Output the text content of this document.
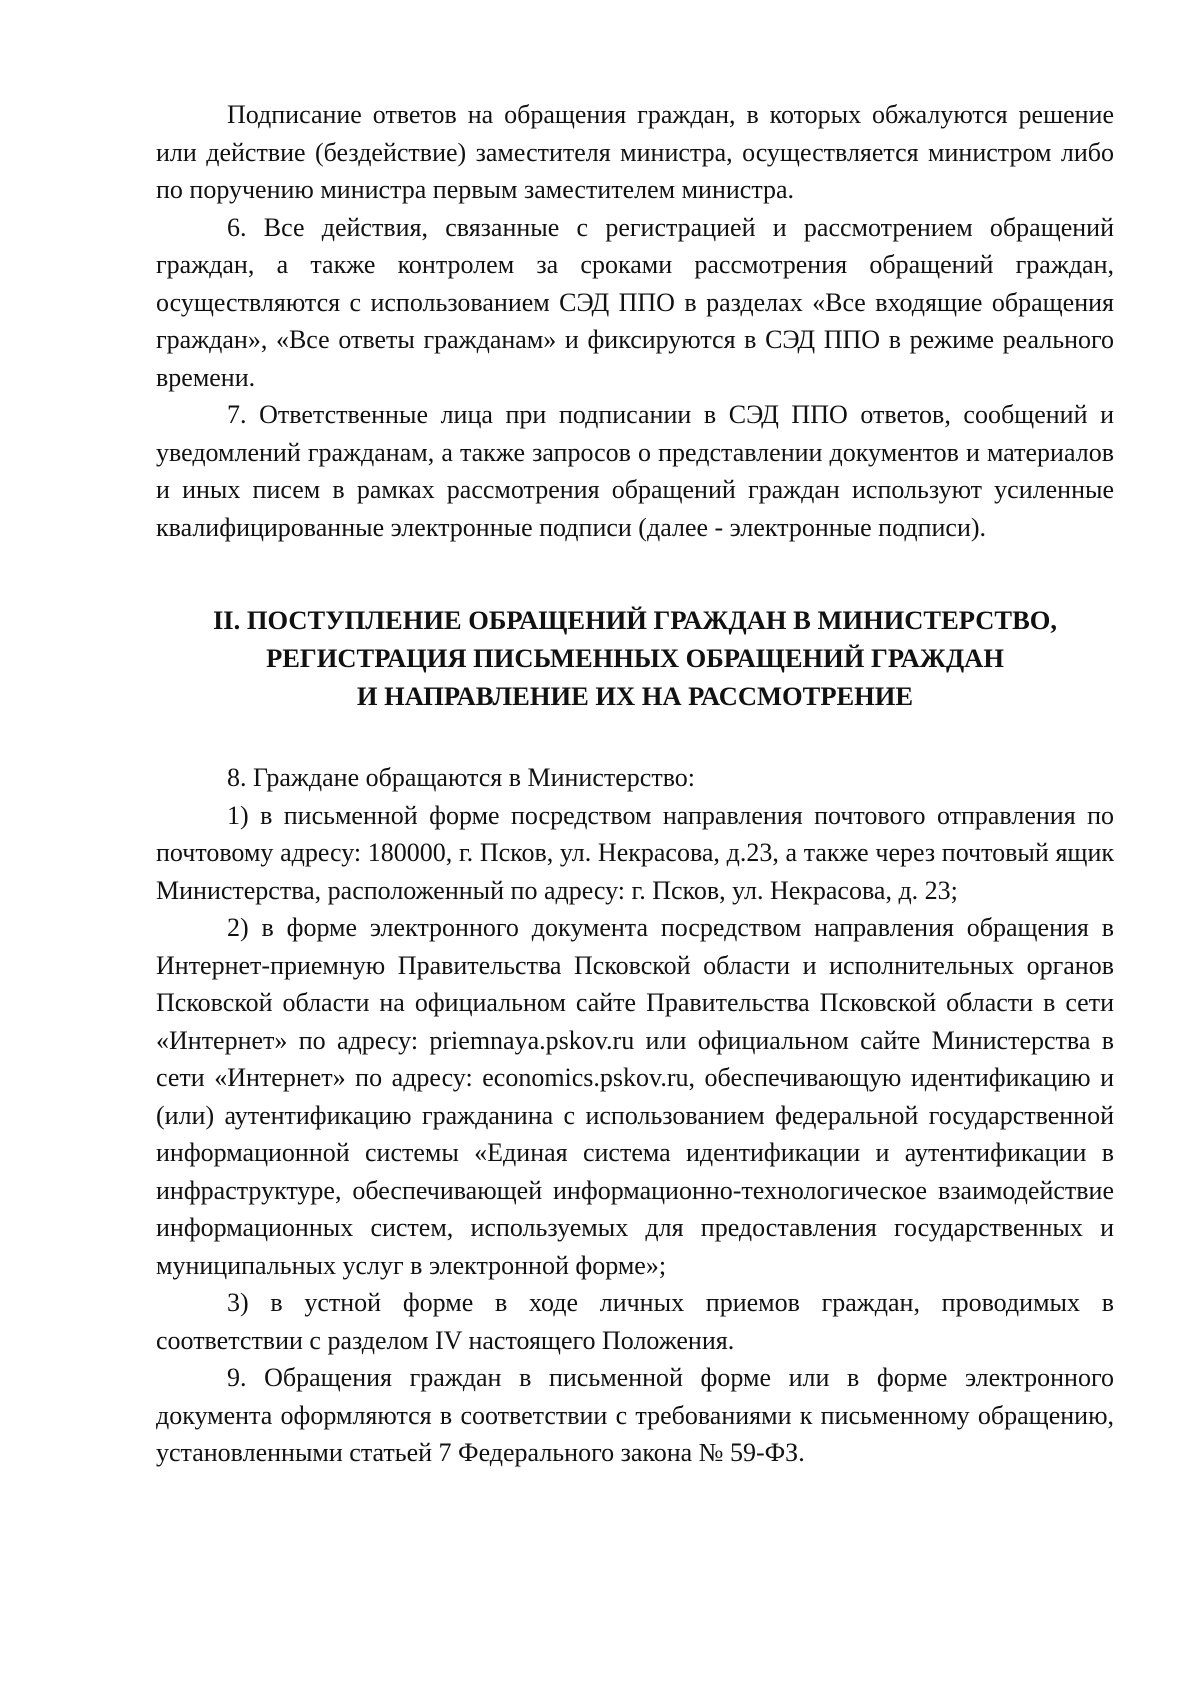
Подписание ответов на обращения граждан, в которых обжалуются решение или действие (бездействие) заместителя министра, осуществляется министром либо по поручению министра первым заместителем министра.

6. Все действия, связанные с регистрацией и рассмотрением обращений граждан, а также контролем за сроками рассмотрения обращений граждан, осуществляются с использованием СЭД ППО в разделах «Все входящие обращения граждан», «Все ответы гражданам» и фиксируются в СЭД ППО в режиме реального времени.

7. Ответственные лица при подписании в СЭД ППО ответов, сообщений и уведомлений гражданам, а также запросов о представлении документов и материалов и иных писем в рамках рассмотрения обращений граждан используют усиленные квалифицированные электронные подписи (далее - электронные подписи).

II. ПОСТУПЛЕНИЕ ОБРАЩЕНИЙ ГРАЖДАН В МИНИСТЕРСТВО,
РЕГИСТРАЦИЯ ПИСЬМЕННЫХ ОБРАЩЕНИЙ ГРАЖДАН
И НАПРАВЛЕНИЕ ИХ НА РАССМОТРЕНИЕ

8. Граждане обращаются в Министерство:

1) в письменной форме посредством направления почтового отправления по почтовому адресу: 180000, г. Псков, ул. Некрасова, д.23, а также через почтовый ящик Министерства, расположенный по адресу: г. Псков, ул. Некрасова, д. 23;

2) в форме электронного документа посредством направления обращения в Интернет-приемную Правительства Псковской области и исполнительных органов Псковской области на официальном сайте Правительства Псковской области в сети «Интернет» по адресу: priemnaya.pskov.ru или официальном сайте Министерства в сети «Интернет» по адресу: economics.pskov.ru, обеспечивающую идентификацию и (или) аутентификацию гражданина с использованием федеральной государственной информационной системы «Единая система идентификации и аутентификации в инфраструктуре, обеспечивающей информационно-технологическое взаимодействие информационных систем, используемых для предоставления государственных и муниципальных услуг в электронной форме»;

3) в устной форме в ходе личных приемов граждан, проводимых в соответствии с разделом IV настоящего Положения.

9. Обращения граждан в письменной форме или в форме электронного документа оформляются в соответствии с требованиями к письменному обращению, установленными статьей 7 Федерального закона № 59-ФЗ.
